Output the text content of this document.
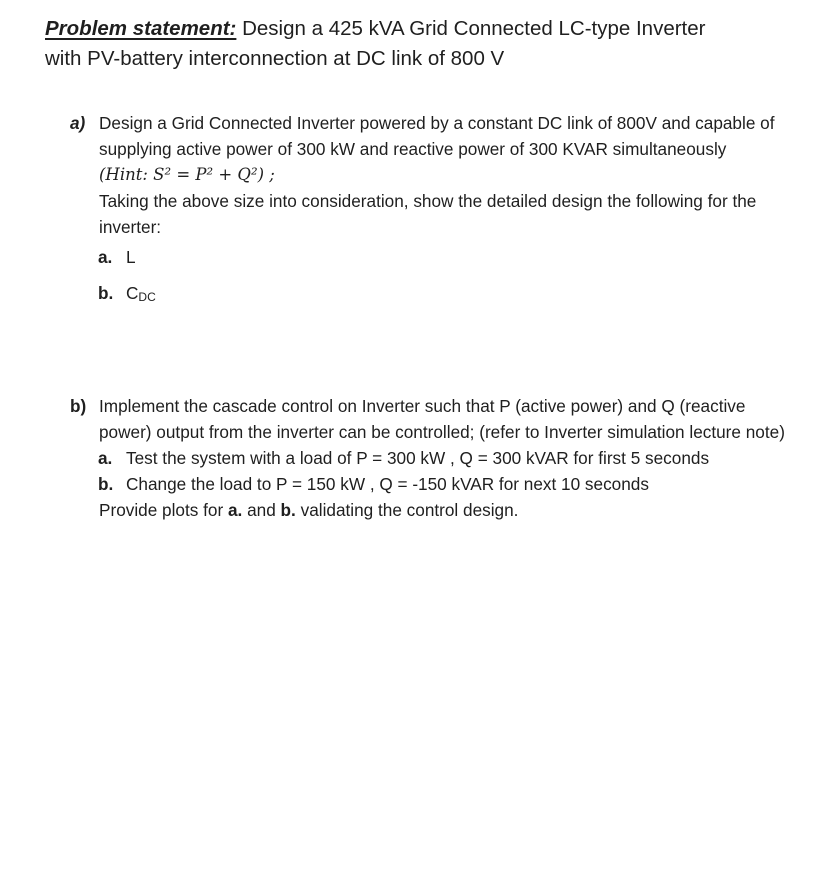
Problem statement: Design a 425 kVA Grid Connected LC-type Inverter
with PV-battery interconnection at DC link of 800 V
a) Design a Grid Connected Inverter powered by a constant DC link of 800V and capable of supplying active power of 300 kW and reactive power of 300 KVAR simultaneously
(Hint: S² = P² + Q²) ;
Taking the above size into consideration, show the detailed design the following for the inverter:
a. L
b. $C_{DC}$
b) Implement the cascade control on Inverter such that P (active power) and Q (reactive power) output from the inverter can be controlled; (refer to Inverter simulation lecture note)
a. Test the system with a load of P = 300 kW , Q = 300 kVAR for first 5 seconds
b. Change the load to P = 150 kW , Q = -150 kVAR for next 10 seconds
Provide plots for a. and b. validating the control design.
